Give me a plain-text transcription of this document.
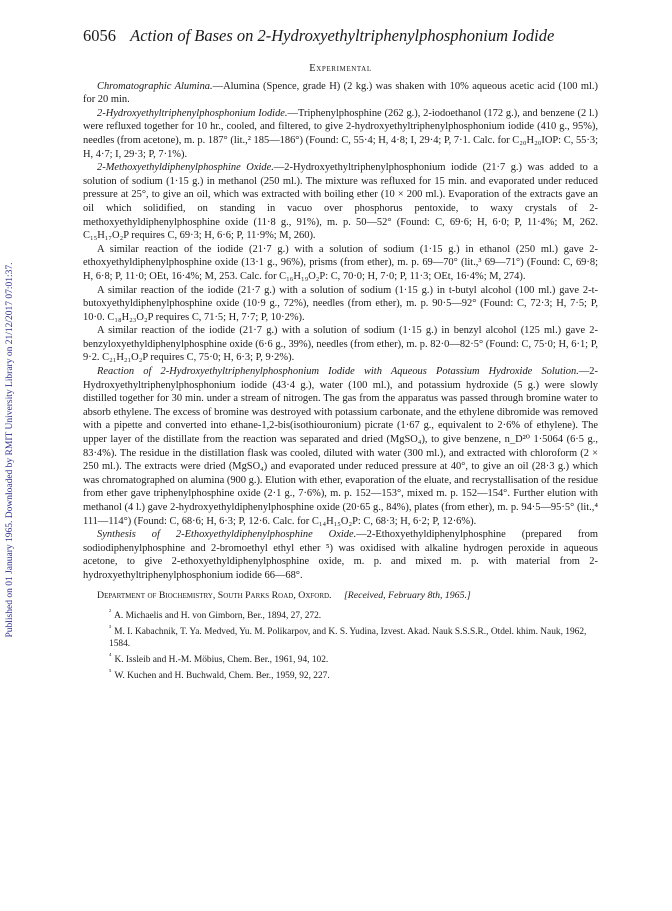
Published on 01 January 1965. Downloaded by RMIT University Library on 21/12/2017 07:01:37.
6056 Action of Bases on 2-Hydroxyethyltriphenylphosphonium Iodide
Experimental

Chromatographic Alumina.—Alumina (Spence, grade H) (2 kg.) was shaken with 10% aqueous acetic acid (100 ml.) for 20 min.

2-Hydroxyethyltriphenylphosphonium Iodide.—Triphenylphosphine (262 g.), 2-iodoethanol (172 g.), and benzene (2 l.) were refluxed together for 10 hr., cooled, and filtered, to give 2-hydroxyethyltriphenylphosphonium iodide (410 g., 95%), needles (from acetone), m. p. 187° (lit.,² 185—186°) (Found: C, 55·4; H, 4·8; I, 29·4; P, 7·1. Calc. for C₂₀H₂₀IOP: C, 55·3; H, 4·7; I, 29·3; P, 7·1%).

2-Methoxyethyldiphenylphosphine Oxide.—2-Hydroxyethyltriphenylphosphonium iodide (21·7 g.) was added to a solution of sodium (1·15 g.) in methanol (250 ml.). The mixture was refluxed for 15 min. and evaporated under reduced pressure at 25°, to give an oil, which was extracted with boiling ether (10 × 200 ml.). Evaporation of the extracts gave an oil which solidified, on standing in vacuo over phosphorus pentoxide, to waxy crystals of 2-methoxyethyldiphenylphosphine oxide (11·8 g., 91%), m. p. 50—52° (Found: C, 69·6; H, 6·0; P, 11·4%; M, 262. C₁₅H₁₇O₂P requires C, 69·3; H, 6·6; P, 11·9%; M, 260).

A similar reaction of the iodide (21·7 g.) with a solution of sodium (1·15 g.) in ethanol (250 ml.) gave 2-ethoxyethyldiphenylphosphine oxide (13·1 g., 96%), prisms (from ether), m. p. 69—70° (lit.,³ 69—71°) (Found: C, 69·8; H, 6·8; P, 11·0; OEt, 16·4%; M, 253. Calc. for C₁₆H₁₉O₂P: C, 70·0; H, 7·0; P, 11·3; OEt, 16·4%; M, 274).

A similar reaction of the iodide (21·7 g.) with a solution of sodium (1·15 g.) in t-butyl alcohol (100 ml.) gave 2-t-butoxyethyldiphenylphosphine oxide (10·9 g., 72%), needles (from ether), m. p. 90·5—92° (Found: C, 72·3; H, 7·5; P, 10·0. C₁₈H₂₃O₂P requires C, 71·5; H, 7·7; P, 10·2%).

A similar reaction of the iodide (21·7 g.) with a solution of sodium (1·15 g.) in benzyl alcohol (125 ml.) gave 2-benzyloxyethyldiphenylphosphine oxide (6·6 g., 39%), needles (from ether), m. p. 82·0—82·5° (Found: C, 75·0; H, 6·1; P, 9·2. C₂₁H₂₁O₂P requires C, 75·0; H, 6·3; P, 9·2%).

Reaction of 2-Hydroxyethyltriphenylphosphonium Iodide with Aqueous Potassium Hydroxide Solution.—2-Hydroxyethyltriphenylphosphonium iodide (43·4 g.), water (100 ml.), and potassium hydroxide (5 g.) were slowly distilled together for 30 min. under a stream of nitrogen. The gas from the apparatus was passed through bromine water to absorb ethylene. The excess of bromine was destroyed with potassium carbonate, and the ethylene dibromide was removed with a pipette and converted into ethane-1,2-bis(isothiouronium) picrate (1·67 g., equivalent to 2·6% of ethylene). The upper layer of the distillate from the reaction was separated and dried (MgSO₄), to give benzene, n_D²⁰ 1·5064 (6·5 g., 83·4%). The residue in the distillation flask was cooled, diluted with water (300 ml.), and extracted with chloroform (2 × 250 ml.). The extracts were dried (MgSO₄) and evaporated under reduced pressure at 40°, to give an oil (28·3 g.) which was chromatographed on alumina (900 g.). Elution with ether, evaporation of the eluate, and recrystallisation of the residue from ether gave triphenylphosphine oxide (2·1 g., 7·6%), m. p. 152—153°, mixed m. p. 152—154°. Further elution with methanol (4 l.) gave 2-hydroxyethyldiphenylphosphine oxide (20·65 g., 84%), plates (from ether), m. p. 94·5—95·5° (lit.,⁴ 111—114°) (Found: C, 68·6; H, 6·3; P, 12·6. Calc. for C₁₄H₁₅O₂P: C, 68·3; H, 6·2; P, 12·6%).

Synthesis of 2-Ethoxyethyldiphenylphosphine Oxide.—2-Ethoxyethyldiphenylphosphine (prepared from sodiodiphenylphosphine and 2-bromoethyl ethyl ether ⁵) was oxidised with alkaline hydrogen peroxide in aqueous acetone, to give 2-ethoxyethyldiphenylphosphine oxide, m. p. and mixed m. p. with material from 2-hydroxyethyltriphenylphosphonium iodide 66—68°.

Department of Biochemistry, South Parks Road, Oxford. [Received, February 8th, 1965.]
$^{^2}$ A. Michaelis and H. von Gimborn, Ber., 1894, 27, 272.
$^{^3}$ M. I. Kabachnik, T. Ya. Medved, Yu. M. Polikarpov, and K. S. Yudina, Izvest. Akad. Nauk S.S.S.R., Otdel. khim. Nauk, 1962, 1584.
$^{^4}$ K. Issleib and H.-M. Möbius, Chem. Ber., 1961, 94, 102.
$^{^5}$ W. Kuchen and H. Buchwald, Chem. Ber., 1959, 92, 227.
